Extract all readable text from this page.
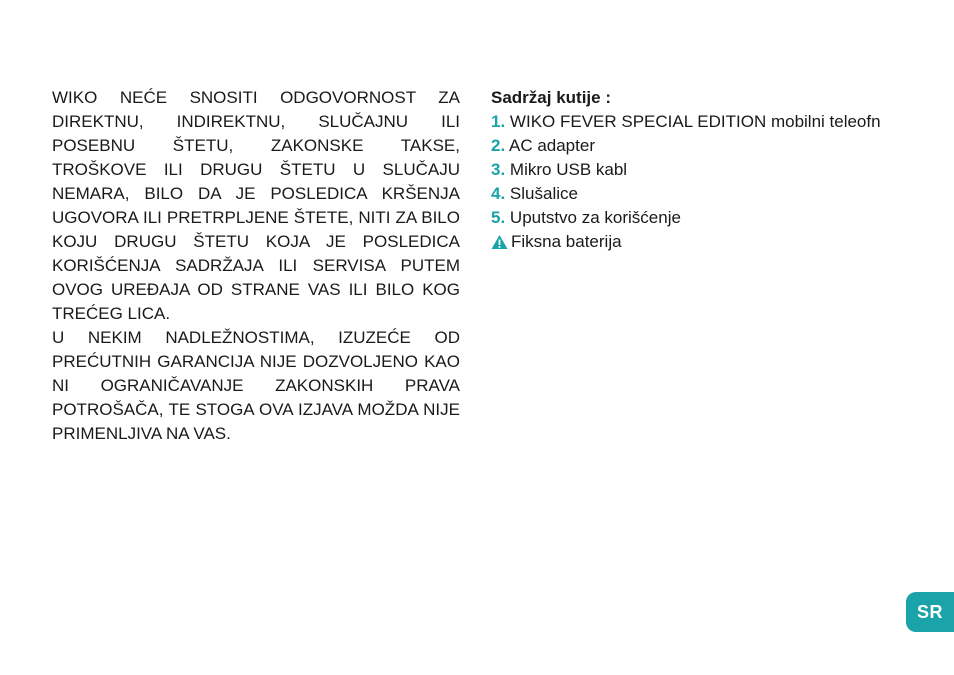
WIKO NEĆE SNOSITI ODGOVORNOST ZA DIREKTNU, INDIREKTNU, SLUČAJNU ILI POSEBNU ŠTETU, ZAKONSKE TAKSE, TROŠKOVE ILI DRUGU ŠTETU U SLUČAJU NEMARA, BILO DA JE POSLEDICA KRŠENJA UGOVORA ILI PRETRPLJENE ŠTETE, NITI ZA BILO KOJU DRUGU ŠTETU KOJA JE POSLEDICA KORIŠĆENJA SADRŽAJA ILI SERVISA PUTEM OVOG UREĐAJA OD STRANE VAS ILI BILO KOG TREĆEG LICA.

U NEKIM NADLEŽNOSTIMA, IZUZEĆE OD PREĆUTNIH GARANCIJA NIJE DOZVOLJENO KAO NI OGRANIČAVANJE ZAKONSKIH PRAVA POTROŠAČA, TE STOGA OVA IZJAVA MOŽDA NIJE PRIMENLJIVA NA VAS.

Sadržaj kutije :

1. WIKO FEVER SPECIAL EDITION mobilni teleofn
2. AC adapter
3. Mikro USB kabl
4. Slušalice
5. Uputstvo za korišćenje
Fiksna baterija
SR
